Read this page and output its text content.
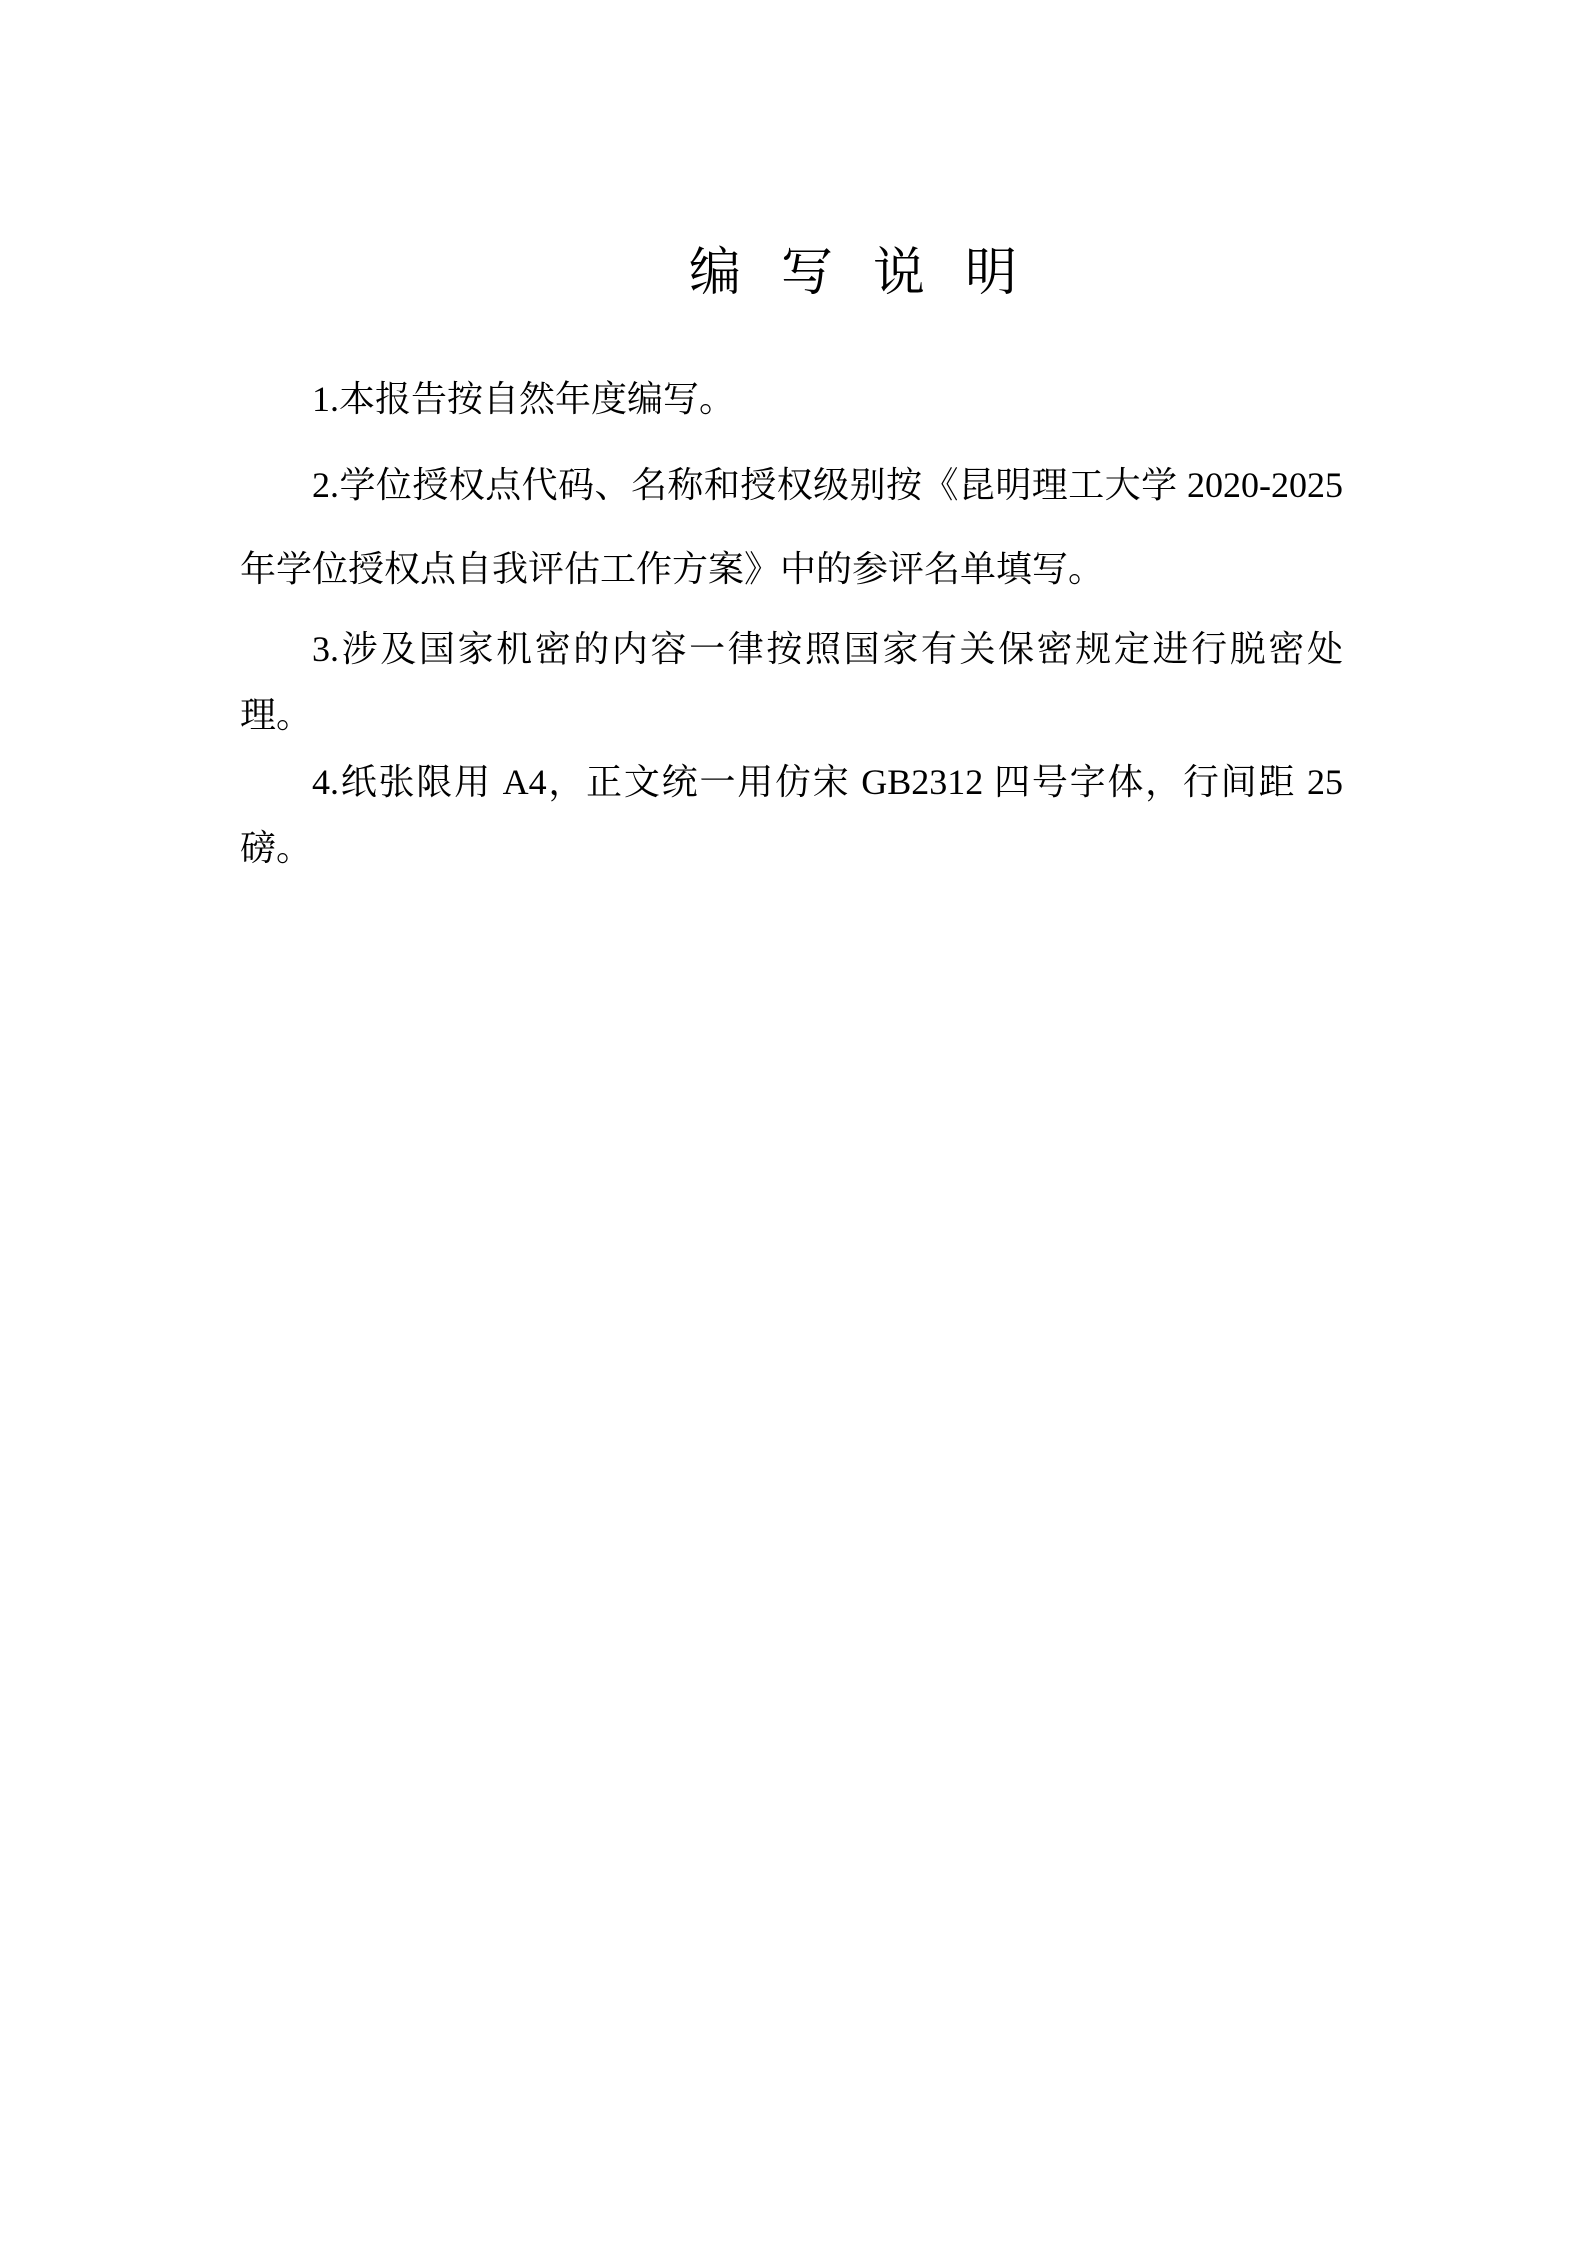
编写说明
1.本报告按自然年度编写。
2.学位授权点代码、名称和授权级别按《昆明理工大学 2020-2025
年学位授权点自我评估工作方案》中的参评名单填写。
3.涉及国家机密的内容一律按照国家有关保密规定进行脱密处
理。
4.纸张限用 A4，正文统一用仿宋 GB2312 四号字体，行间距 25
磅。
